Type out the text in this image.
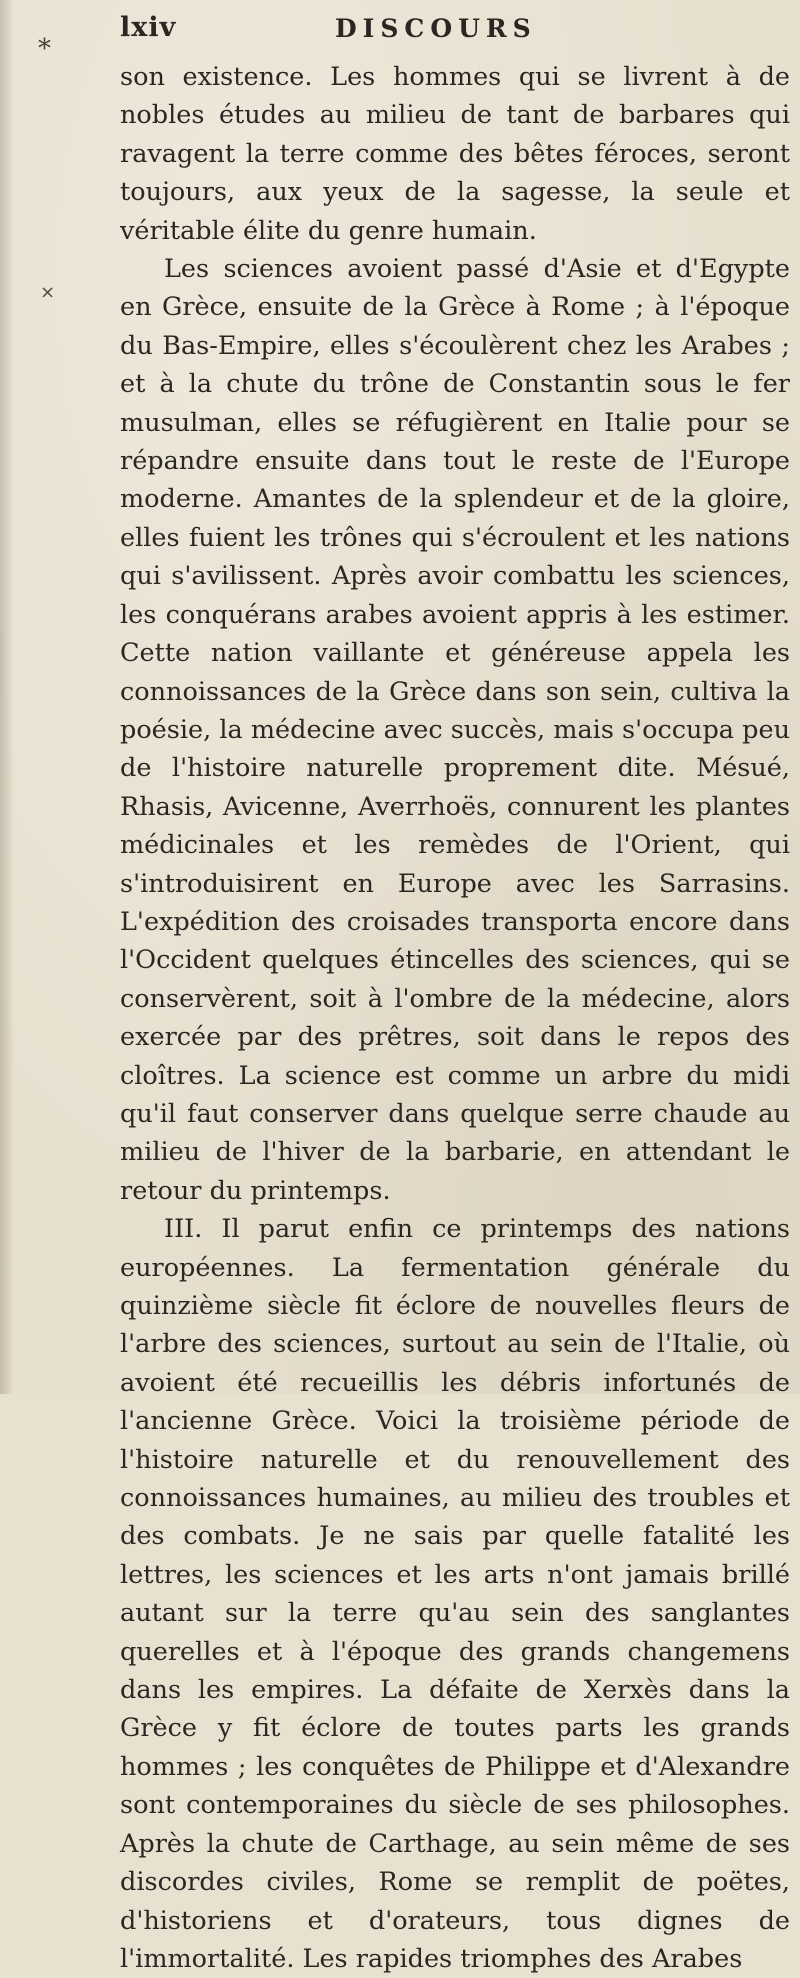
*
×
lxiv	DISCOURS

son existence. Les hommes qui se livrent à de nobles études au milieu de tant de barbares qui ravagent la terre comme des bêtes féroces, seront toujours, aux yeux de la sagesse, la seule et véritable élite du genre humain.

Les sciences avoient passé d'Asie et d'Egypte en Grèce, ensuite de la Grèce à Rome ; à l'époque du Bas-Empire, elles s'écoulèrent chez les Arabes ; et à la chute du trône de Constantin sous le fer musulman, elles se réfugièrent en Italie pour se répandre ensuite dans tout le reste de l'Europe moderne. Amantes de la splendeur et de la gloire, elles fuient les trônes qui s'écroulent et les nations qui s'avilissent. Après avoir combattu les sciences, les conquérans arabes avoient appris à les estimer. Cette nation vaillante et généreuse appela les connoissances de la Grèce dans son sein, cultiva la poésie, la médecine avec succès, mais s'occupa peu de l'histoire naturelle proprement dite. Mésué, Rhasis, Avicenne, Averrhoës, connurent les plantes médicinales et les remèdes de l'Orient, qui s'introduisirent en Europe avec les Sarrasins. L'expédition des croisades transporta encore dans l'Occident quelques étincelles des sciences, qui se conservèrent, soit à l'ombre de la médecine, alors exercée par des prêtres, soit dans le repos des cloîtres. La science est comme un arbre du midi qu'il faut conserver dans quelque serre chaude au milieu de l'hiver de la barbarie, en attendant le retour du printemps.

III. Il parut enfin ce printemps des nations européennes. La fermentation générale du quinzième siècle fit éclore de nouvelles fleurs de l'arbre des sciences, surtout au sein de l'Italie, où avoient été recueillis les débris infortunés de l'ancienne Grèce. Voici la troisième période de l'histoire naturelle et du renouvellement des connoissances humaines, au milieu des troubles et des combats. Je ne sais par quelle fatalité les lettres, les sciences et les arts n'ont jamais brillé autant sur la terre qu'au sein des sanglantes querelles et à l'époque des grands changemens dans les empires. La défaite de Xerxès dans la Grèce y fit éclore de toutes parts les grands hommes ; les conquêtes de Philippe et d'Alexandre sont contemporaines du siècle de ses philosophes. Après la chute de Carthage, au sein même de ses discordes civiles, Rome se remplit de poëtes, d'historiens et d'orateurs, tous dignes de l'immortalité. Les rapides triomphes des Arabes
